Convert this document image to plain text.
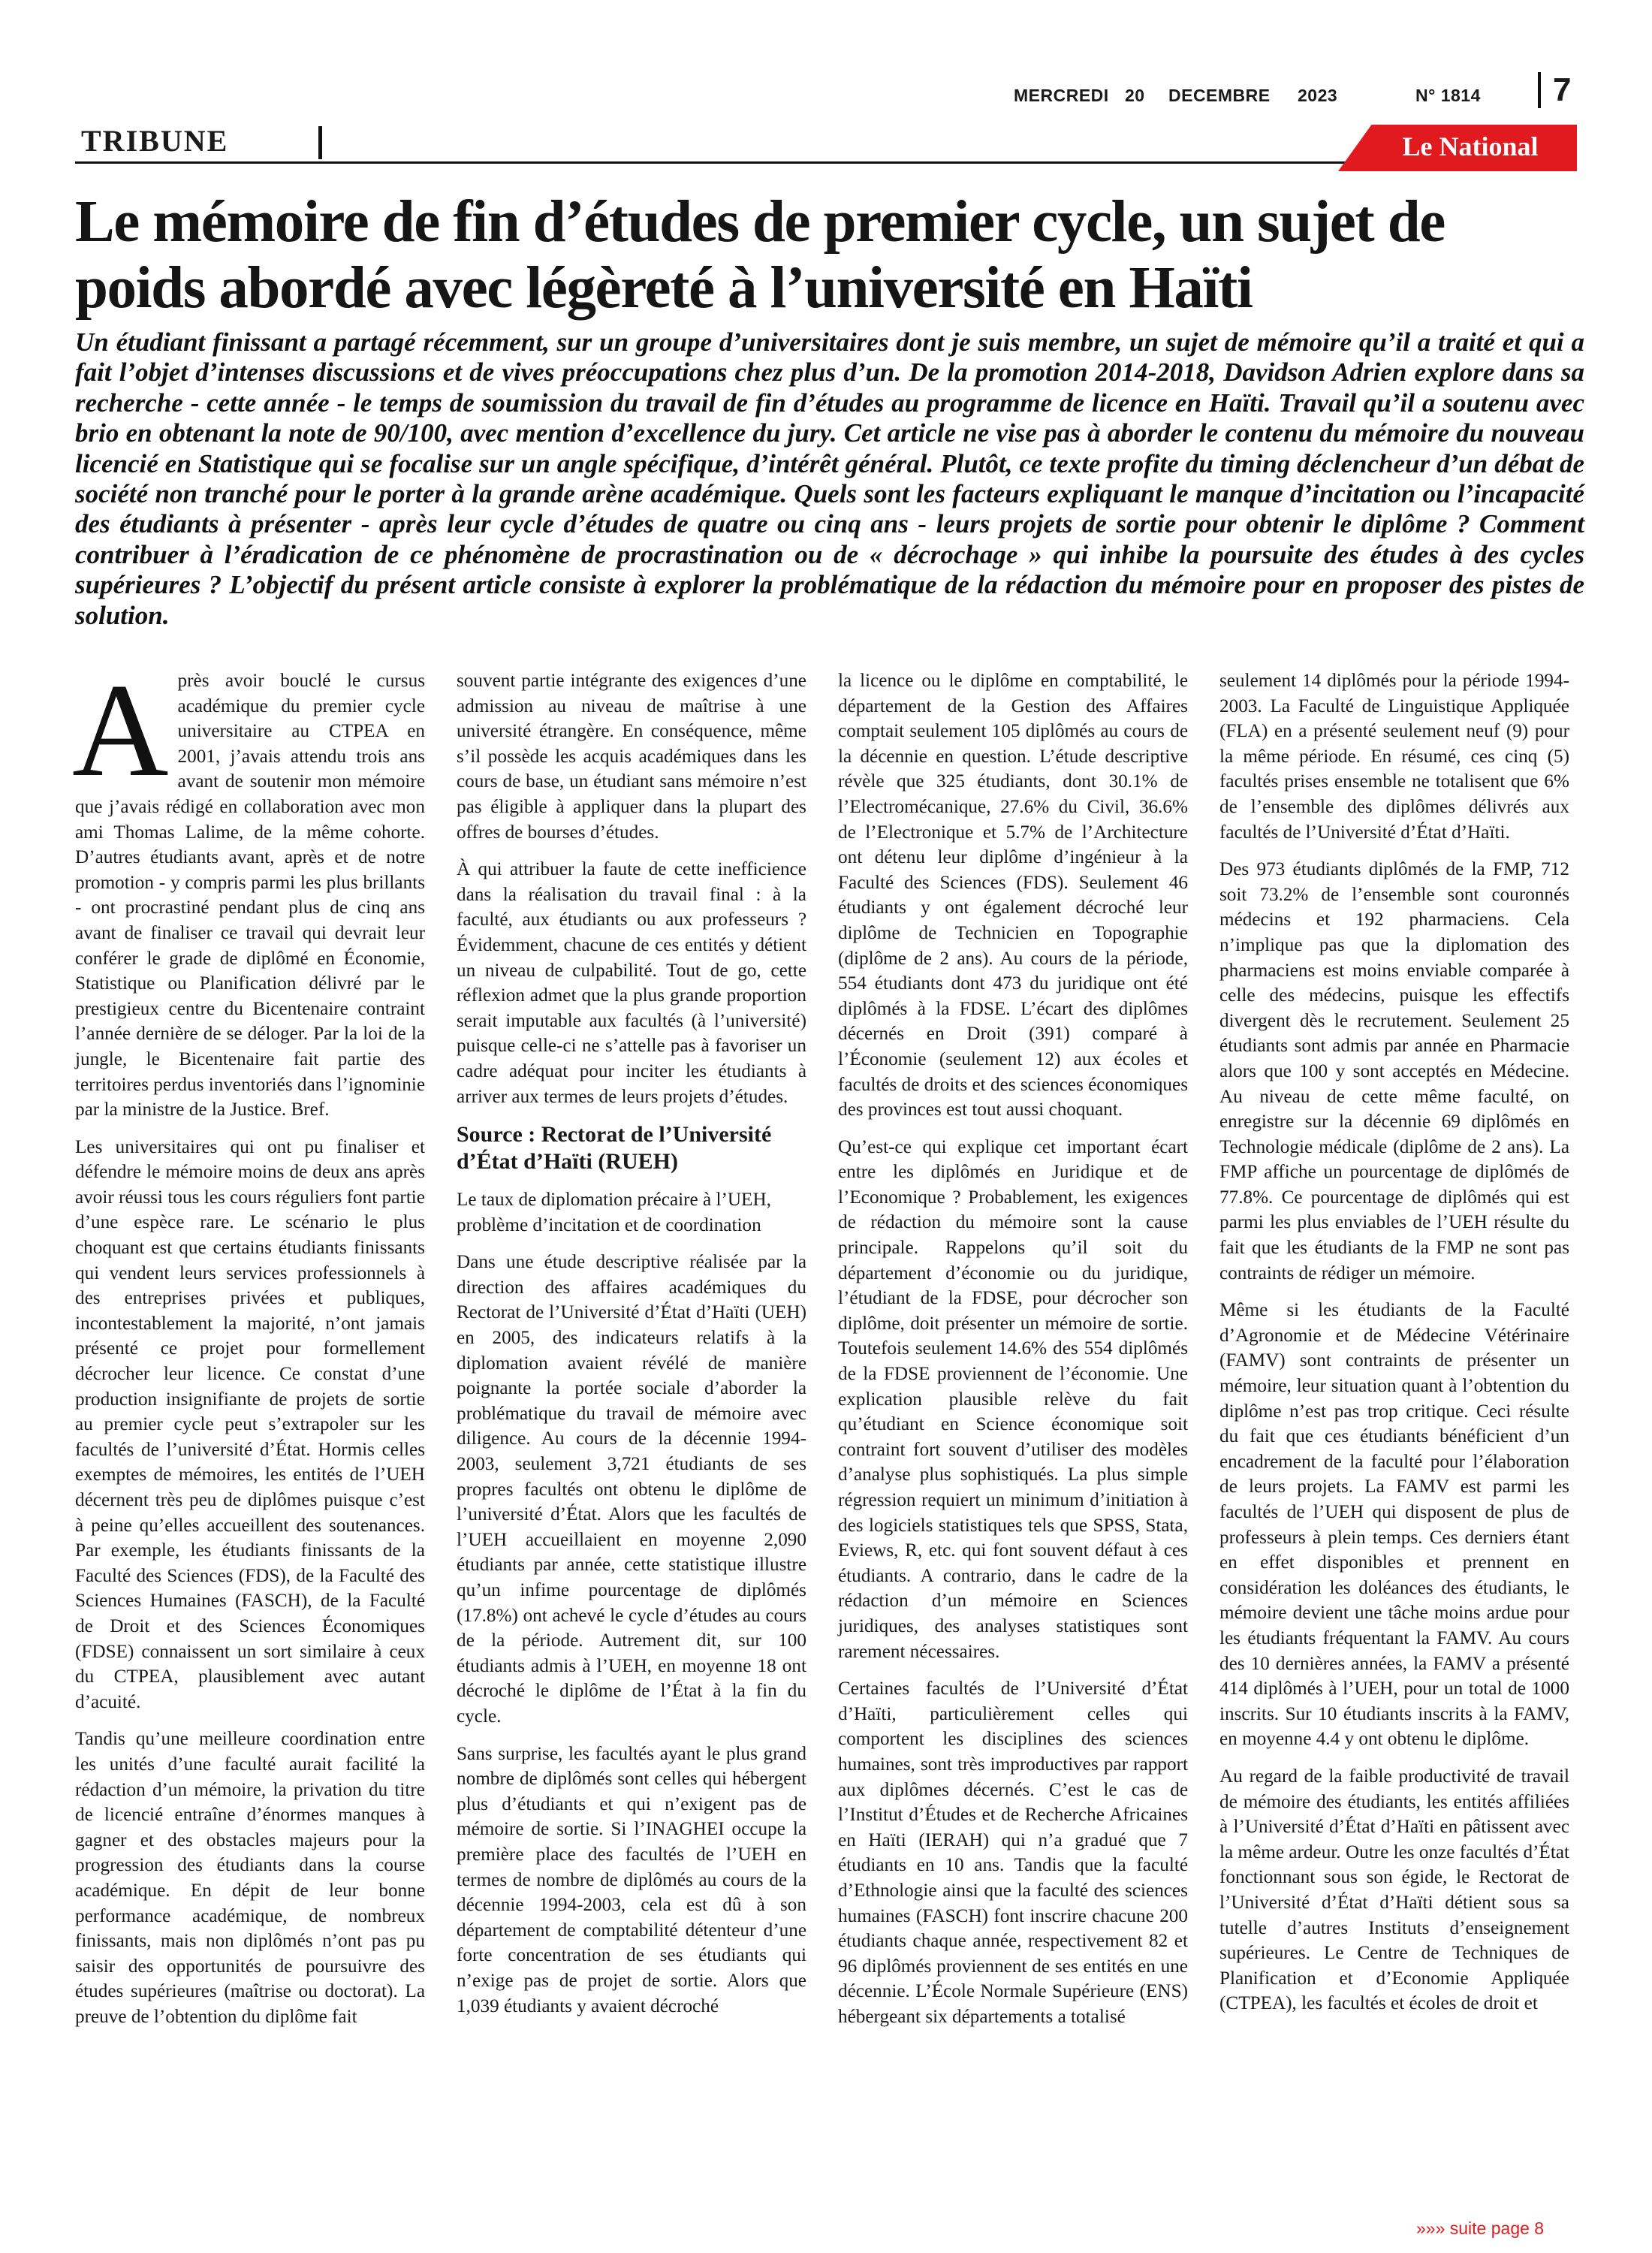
MERCREDI 20 DECEMBRE 2023	N° 1814	7
TRIBUNE	Le National
Le mémoire de fin d’études de premier cycle, un sujet de poids abordé avec légèreté à l’université en Haïti

Un étudiant finissant a partagé récemment, sur un groupe d’universitaires dont je suis membre, un sujet de mémoire qu’il a traité et qui a fait l’objet d’intenses discussions et de vives préoccupations chez plus d’un. De la promotion 2014-2018, Davidson Adrien explore dans sa recherche - cette année - le temps de soumission du travail de fin d’études au programme de licence en Haïti. Travail qu’il a soutenu avec brio en obtenant la note de 90/100, avec mention d’excellence du jury. Cet article ne vise pas à aborder le contenu du mémoire du nouveau licencié en Statistique qui se focalise sur un angle spécifique, d’intérêt général. Plutôt, ce texte profite du timing déclencheur d’un débat de société non tranché pour le porter à la grande arène académique. Quels sont les facteurs expliquant le manque d’incitation ou l’incapacité des étudiants à présenter - après leur cycle d’études de quatre ou cinq ans - leurs projets de sortie pour obtenir le diplôme ? Comment contribuer à l’éradication de ce phénomène de procrastination ou de « décrochage » qui inhibe la poursuite des études à des cycles supérieures ? L’objectif du présent article consiste à explorer la problématique de la rédaction du mémoire pour en proposer des pistes de solution.

Après avoir bouclé le cursus académique du premier cycle universitaire au CTPEA en 2001, j’avais attendu trois ans avant de soutenir mon mémoire que j’avais rédigé en collaboration avec mon ami Thomas Lalime, de la même cohorte. D’autres étudiants avant, après et de notre promotion - y compris parmi les plus brillants - ont procrastiné pendant plus de cinq ans avant de finaliser ce travail qui devrait leur conférer le grade de diplômé en Économie, Statistique ou Planification délivré par le prestigieux centre du Bicentenaire contraint l’année dernière de se déloger. Par la loi de la jungle, le Bicentenaire fait partie des territoires perdus inventoriés dans l’ignominie par la ministre de la Justice. Bref.

Les universitaires qui ont pu finaliser et défendre le mémoire moins de deux ans après avoir réussi tous les cours réguliers font partie d’une espèce rare. Le scénario le plus choquant est que certains étudiants finissants qui vendent leurs services professionnels à des entreprises privées et publiques, incontestablement la majorité, n’ont jamais présenté ce projet pour formellement décrocher leur licence. Ce constat d’une production insignifiante de projets de sortie au premier cycle peut s’extrapoler sur les facultés de l’université d’État. Hormis celles exemptes de mémoires, les entités de l’UEH décernent très peu de diplômes puisque c’est à peine qu’elles accueillent des soutenances. Par exemple, les étudiants finissants de la Faculté des Sciences (FDS), de la Faculté des Sciences Humaines (FASCH), de la Faculté de Droit et des Sciences Économiques (FDSE) connaissent un sort similaire à ceux du CTPEA, plausiblement avec autant d’acuité.

Tandis qu’une meilleure coordination entre les unités d’une faculté aurait facilité la rédaction d’un mémoire, la privation du titre de licencié entraîne d’énormes manques à gagner et des obstacles majeurs pour la progression des étudiants dans la course académique. En dépit de leur bonne performance académique, de nombreux finissants, mais non diplômés n’ont pas pu saisir des opportunités de poursuivre des études supérieures (maîtrise ou doctorat). La preuve de l’obtention du diplôme fait

souvent partie intégrante des exigences d’une admission au niveau de maîtrise à une université étrangère. En conséquence, même s’il possède les acquis académiques dans les cours de base, un étudiant sans mémoire n’est pas éligible à appliquer dans la plupart des offres de bourses d’études.

À qui attribuer la faute de cette inefficience dans la réalisation du travail final : à la faculté, aux étudiants ou aux professeurs ? Évidemment, chacune de ces entités y détient un niveau de culpabilité. Tout de go, cette réflexion admet que la plus grande proportion serait imputable aux facultés (à l’université) puisque celle-ci ne s’attelle pas à favoriser un cadre adéquat pour inciter les étudiants à arriver aux termes de leurs projets d’études.

Source : Rectorat de l’Université d’État d’Haïti (RUEH)

Le taux de diplomation précaire à l’UEH, problème d’incitation et de coordination

Dans une étude descriptive réalisée par la direction des affaires académiques du Rectorat de l’Université d’État d’Haïti (UEH) en 2005, des indicateurs relatifs à la diplomation avaient révélé de manière poignante la portée sociale d’aborder la problématique du travail de mémoire avec diligence. Au cours de la décennie 1994-2003, seulement 3,721 étudiants de ses propres facultés ont obtenu le diplôme de l’université d’État. Alors que les facultés de l’UEH accueillaient en moyenne 2,090 étudiants par année, cette statistique illustre qu’un infime pourcentage de diplômés (17.8%) ont achevé le cycle d’études au cours de la période. Autrement dit, sur 100 étudiants admis à l’UEH, en moyenne 18 ont décroché le diplôme de l’État à la fin du cycle.

Sans surprise, les facultés ayant le plus grand nombre de diplômés sont celles qui hébergent plus d’étudiants et qui n’exigent pas de mémoire de sortie. Si l’INAGHEI occupe la première place des facultés de l’UEH en termes de nombre de diplômés au cours de la décennie 1994-2003, cela est dû à son département de comptabilité détenteur d’une forte concentration de ses étudiants qui n’exige pas de projet de sortie. Alors que 1,039 étudiants y avaient décroché

la licence ou le diplôme en comptabilité, le département de la Gestion des Affaires comptait seulement 105 diplômés au cours de la décennie en question. L’étude descriptive révèle que 325 étudiants, dont 30.1% de l’Electromécanique, 27.6% du Civil, 36.6% de l’Electronique et 5.7% de l’Architecture ont détenu leur diplôme d’ingénieur à la Faculté des Sciences (FDS). Seulement 46 étudiants y ont également décroché leur diplôme de Technicien en Topographie (diplôme de 2 ans). Au cours de la période, 554 étudiants dont 473 du juridique ont été diplômés à la FDSE. L’écart des diplômes décernés en Droit (391) comparé à l’Économie (seulement 12) aux écoles et facultés de droits et des sciences économiques des provinces est tout aussi choquant.

Qu’est-ce qui explique cet important écart entre les diplômés en Juridique et de l’Economique ? Probablement, les exigences de rédaction du mémoire sont la cause principale. Rappelons qu’il soit du département d’économie ou du juridique, l’étudiant de la FDSE, pour décrocher son diplôme, doit présenter un mémoire de sortie. Toutefois seulement 14.6% des 554 diplômés de la FDSE proviennent de l’économie. Une explication plausible relève du fait qu’étudiant en Science économique soit contraint fort souvent d’utiliser des modèles d’analyse plus sophistiqués. La plus simple régression requiert un minimum d’initiation à des logiciels statistiques tels que SPSS, Stata, Eviews, R, etc. qui font souvent défaut à ces étudiants. A contrario, dans le cadre de la rédaction d’un mémoire en Sciences juridiques, des analyses statistiques sont rarement nécessaires.

Certaines facultés de l’Université d’État d’Haïti, particulièrement celles qui comportent les disciplines des sciences humaines, sont très improductives par rapport aux diplômes décernés. C’est le cas de l’Institut d’Études et de Recherche Africaines en Haïti (IERAH) qui n’a gradué que 7 étudiants en 10 ans. Tandis que la faculté d’Ethnologie ainsi que la faculté des sciences humaines (FASCH) font inscrire chacune 200 étudiants chaque année, respectivement 82 et 96 diplômés proviennent de ses entités en une décennie. L’École Normale Supérieure (ENS) hébergeant six départements a totalisé

seulement 14 diplômés pour la période 1994-2003. La Faculté de Linguistique Appliquée (FLA) en a présenté seulement neuf (9) pour la même période. En résumé, ces cinq (5) facultés prises ensemble ne totalisent que 6% de l’ensemble des diplômes délivrés aux facultés de l’Université d’État d’Haïti.

Des 973 étudiants diplômés de la FMP, 712 soit 73.2% de l’ensemble sont couronnés médecins et 192 pharmaciens. Cela n’implique pas que la diplomation des pharmaciens est moins enviable comparée à celle des médecins, puisque les effectifs divergent dès le recrutement. Seulement 25 étudiants sont admis par année en Pharmacie alors que 100 y sont acceptés en Médecine. Au niveau de cette même faculté, on enregistre sur la décennie 69 diplômés en Technologie médicale (diplôme de 2 ans). La FMP affiche un pourcentage de diplômés de 77.8%. Ce pourcentage de diplômés qui est parmi les plus enviables de l’UEH résulte du fait que les étudiants de la FMP ne sont pas contraints de rédiger un mémoire.

Même si les étudiants de la Faculté d’Agronomie et de Médecine Vétérinaire (FAMV) sont contraints de présenter un mémoire, leur situation quant à l’obtention du diplôme n’est pas trop critique. Ceci résulte du fait que ces étudiants bénéficient d’un encadrement de la faculté pour l’élaboration de leurs projets. La FAMV est parmi les facultés de l’UEH qui disposent de plus de professeurs à plein temps. Ces derniers étant en effet disponibles et prennent en considération les doléances des étudiants, le mémoire devient une tâche moins ardue pour les étudiants fréquentant la FAMV. Au cours des 10 dernières années, la FAMV a présenté 414 diplômés à l’UEH, pour un total de 1000 inscrits. Sur 10 étudiants inscrits à la FAMV, en moyenne 4.4 y ont obtenu le diplôme.

Au regard de la faible productivité de travail de mémoire des étudiants, les entités affiliées à l’Université d’État d’Haïti en pâtissent avec la même ardeur. Outre les onze facultés d’État fonctionnant sous son égide, le Rectorat de l’Université d’État d’Haïti détient sous sa tutelle d’autres Instituts d’enseignement supérieures. Le Centre de Techniques de Planification et d’Economie Appliquée (CTPEA), les facultés et écoles de droit et

»»» suite page 8
